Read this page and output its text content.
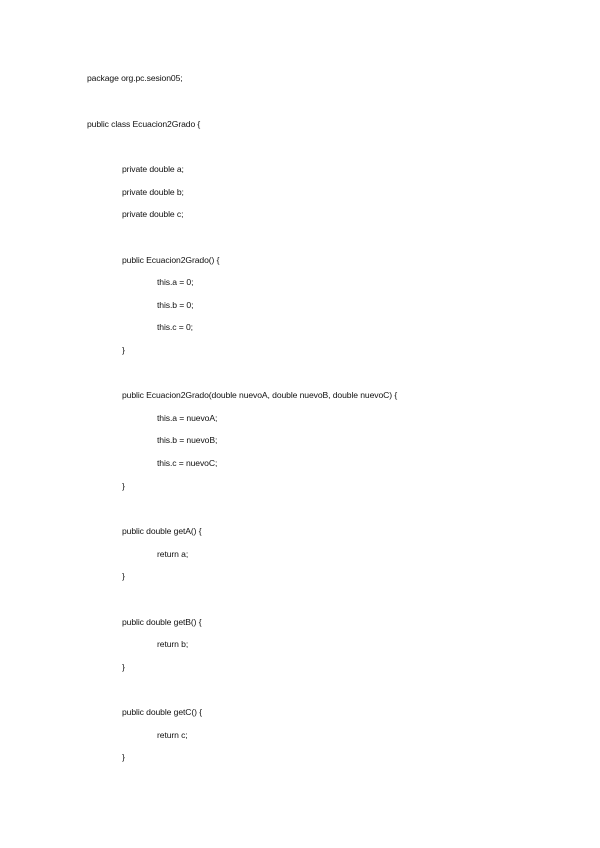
package org.pc.sesion05;
public class Ecuacion2Grado {
private double a;
private double b;
private double c;
public Ecuacion2Grado() {
this.a = 0;
this.b = 0;
this.c = 0;
}
public Ecuacion2Grado(double nuevoA, double nuevoB, double nuevoC) {
this.a = nuevoA;
this.b = nuevoB;
this.c = nuevoC;
}
public double getA() {
return a;
}
public double getB() {
return b;
}
public double getC() {
return c;
}
